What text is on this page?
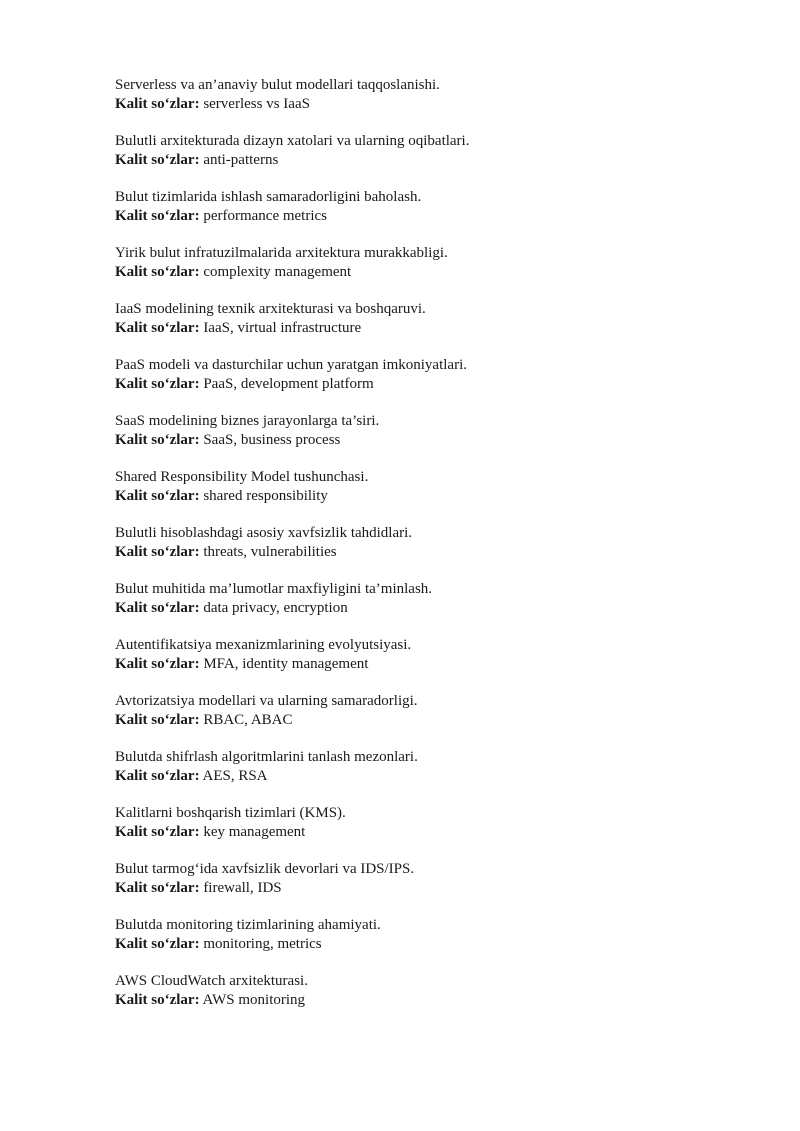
Serverless va an’anaviy bulut modellari taqqoslanishi.
Kalit so‘zlar: serverless vs IaaS
Bulutli arxitekturada dizayn xatolari va ularning oqibatlari.
Kalit so‘zlar: anti-patterns
Bulut tizimlarida ishlash samaradorligini baholash.
Kalit so‘zlar: performance metrics
Yirik bulut infratuzilmalarida arxitektura murakkabligi.
Kalit so‘zlar: complexity management
IaaS modelining texnik arxitekturasi va boshqaruvi.
Kalit so‘zlar: IaaS, virtual infrastructure
PaaS modeli va dasturchilar uchun yaratgan imkoniyatlari.
Kalit so‘zlar: PaaS, development platform
SaaS modelining biznes jarayonlarga ta’siri.
Kalit so‘zlar: SaaS, business process
Shared Responsibility Model tushunchasi.
Kalit so‘zlar: shared responsibility
Bulutli hisoblashdagi asosiy xavfsizlik tahdidlari.
Kalit so‘zlar: threats, vulnerabilities
Bulut muhitida ma’lumotlar maxfiyligini ta’minlash.
Kalit so‘zlar: data privacy, encryption
Autentifikatsiya mexanizmlarining evolyutsiyasi.
Kalit so‘zlar: MFA, identity management
Avtorizatsiya modellari va ularning samaradorligi.
Kalit so‘zlar: RBAC, ABAC
Bulutda shifrlash algoritmlarini tanlash mezonlari.
Kalit so‘zlar: AES, RSA
Kalitlarni boshqarish tizimlari (KMS).
Kalit so‘zlar: key management
Bulut tarmog‘ida xavfsizlik devorlari va IDS/IPS.
Kalit so‘zlar: firewall, IDS
Bulutda monitoring tizimlarining ahamiyati.
Kalit so‘zlar: monitoring, metrics
AWS CloudWatch arxitekturasi.
Kalit so‘zlar: AWS monitoring
